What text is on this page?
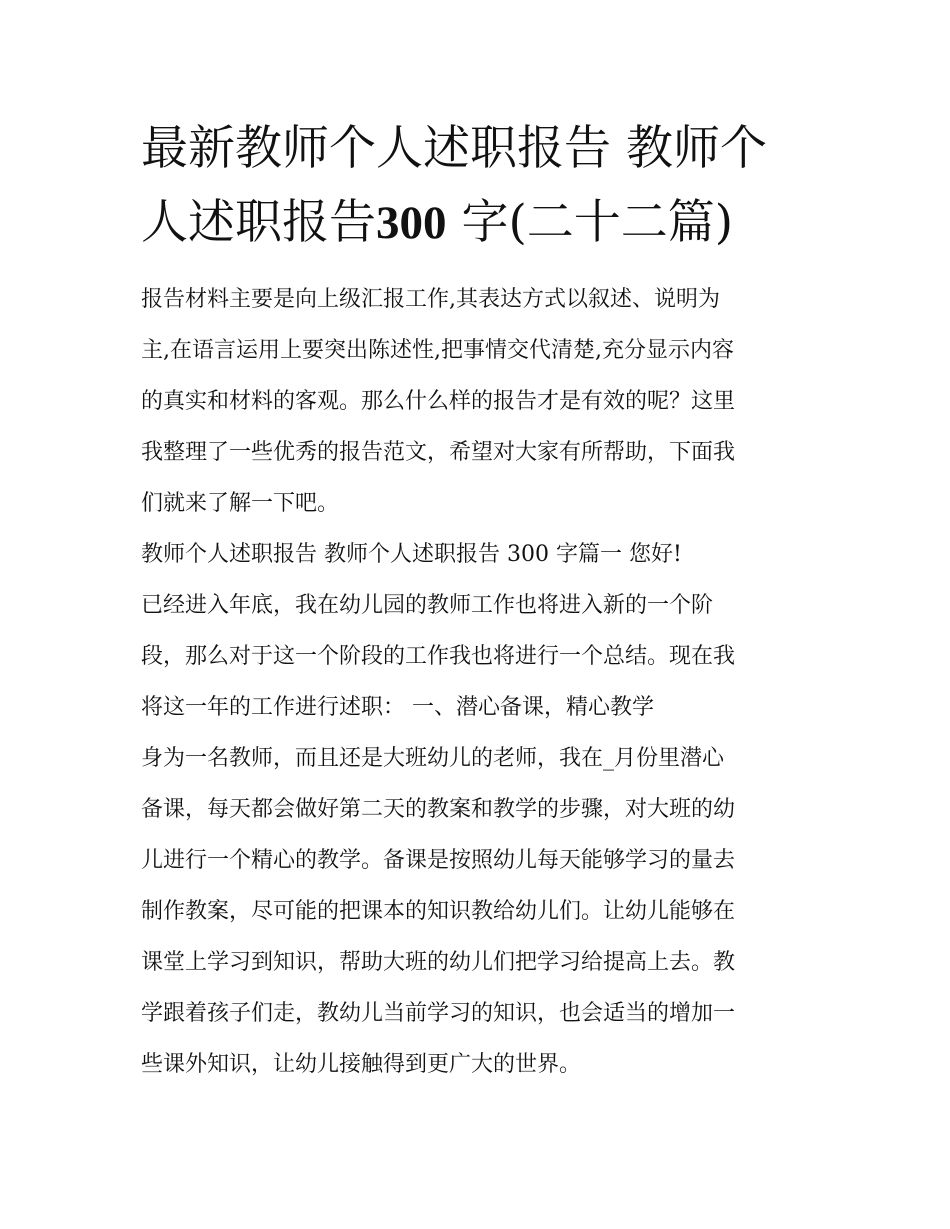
最新教师个人述职报告 教师个
人述职报告300 字(二十二篇)

报告材料主要是向上级汇报工作,其表达方式以叙述、说明为
主,在语言运用上要突出陈述性,把事情交代清楚,充分显示内容
的真实和材料的客观。那么什么样的报告才是有效的呢？这里
我整理了一些优秀的报告范文，希望对大家有所帮助，下面我
们就来了解一下吧。

教师个人述职报告 教师个人述职报告 300 字篇一 您好!

已经进入年底，我在幼儿园的教师工作也将进入新的一个阶
段，那么对于这一个阶段的工作我也将进行一个总结。现在我
将这一年的工作进行述职： 一、潜心备课，精心教学

身为一名教师，而且还是大班幼儿的老师，我在_月份里潜心
备课，每天都会做好第二天的教案和教学的步骤，对大班的幼
儿进行一个精心的教学。备课是按照幼儿每天能够学习的量去
制作教案，尽可能的把课本的知识教给幼儿们。让幼儿能够在
课堂上学习到知识，帮助大班的幼儿们把学习给提高上去。教
学跟着孩子们走，教幼儿当前学习的知识，也会适当的增加一
些课外知识，让幼儿接触得到更广大的世界。
